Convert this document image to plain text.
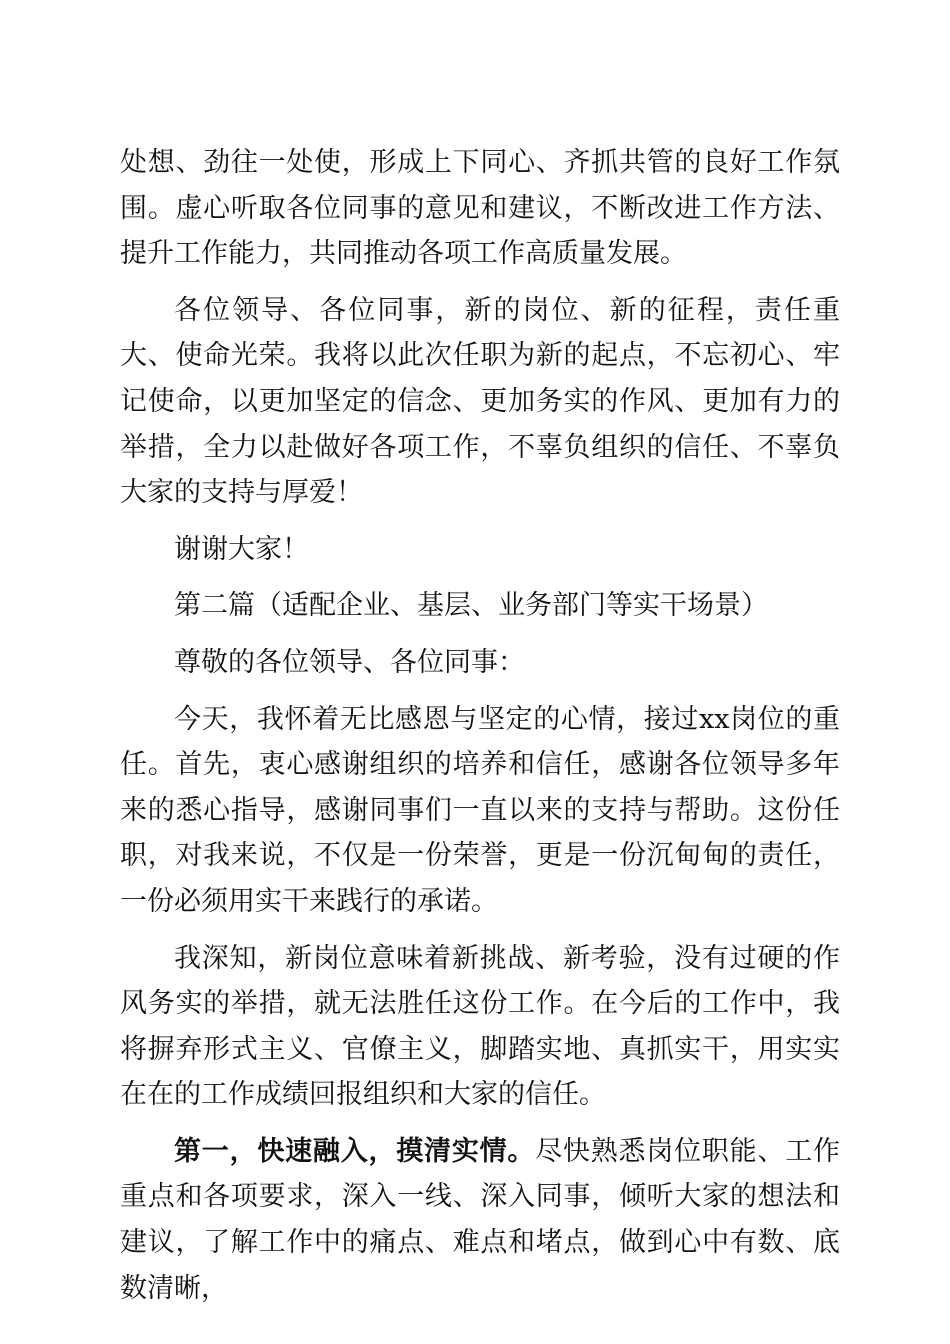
处想、劲往一处使，形成上下同心、齐抓共管的良好工作氛围。虚心听取各位同事的意见和建议，不断改进工作方法、提升工作能力，共同推动各项工作高质量发展。

各位领导、各位同事，新的岗位、新的征程，责任重大、使命光荣。我将以此次任职为新的起点，不忘初心、牢记使命，以更加坚定的信念、更加务实的作风、更加有力的举措，全力以赴做好各项工作，不辜负组织的信任、不辜负大家的支持与厚爱！

谢谢大家！

第二篇（适配企业、基层、业务部门等实干场景）

尊敬的各位领导、各位同事：

今天，我怀着无比感恩与坚定的心情，接过xx岗位的重任。首先，衷心感谢组织的培养和信任，感谢各位领导多年来的悉心指导，感谢同事们一直以来的支持与帮助。这份任职，对我来说，不仅是一份荣誉，更是一份沉甸甸的责任，一份必须用实干来践行的承诺。

我深知，新岗位意味着新挑战、新考验，没有过硬的作风务实的举措，就无法胜任这份工作。在今后的工作中，我将摒弃形式主义、官僚主义，脚踏实地、真抓实干，用实实在在的工作成绩回报组织和大家的信任。

第一，快速融入，摸清实情。尽快熟悉岗位职能、工作重点和各项要求，深入一线、深入同事，倾听大家的想法和建议，了解工作中的痛点、难点和堵点，做到心中有数、底数清晰，
